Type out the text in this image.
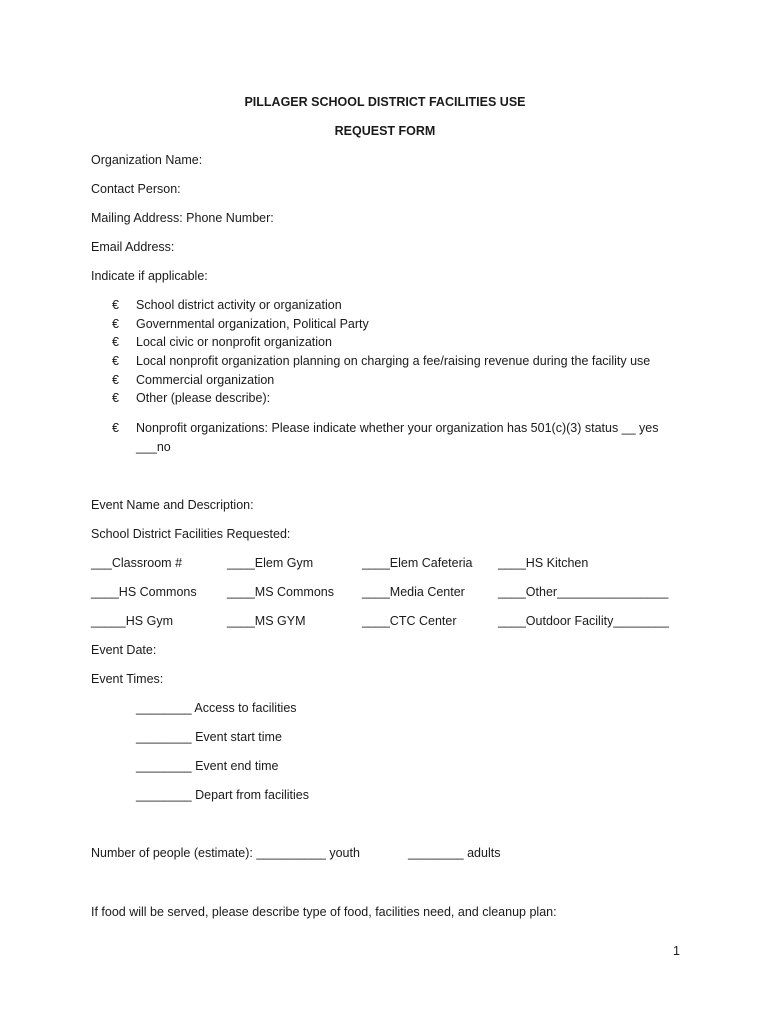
PILLAGER SCHOOL DISTRICT FACILITIES USE
REQUEST FORM
Organization Name:
Contact Person:
Mailing Address: Phone Number:
Email Address:
Indicate if applicable:
€ School district activity or organization
€ Governmental organization, Political Party
€ Local civic or nonprofit organization
€ Local nonprofit organization planning on charging a fee/raising revenue during the facility use
€ Commercial organization
€ Other (please describe):
€ Nonprofit organizations: Please indicate whether your organization has 501(c)(3) status __ yes
___no
Event Name and Description:
School District Facilities Requested:
___Classroom #	____Elem Gym	____Elem Cafeteria ____HS Kitchen
____HS Commons ____MS Commons ____Media Center	____Other________________
_____HS Gym	____MS GYM	____CTC Center	____Outdoor Facility________
Event Date:
Event Times:
________ Access to facilities
________ Event start time
________ Event end time
________ Depart from facilities
Number of people (estimate): __________ youth	________ adults
If food will be served, please describe type of food, facilities need, and cleanup plan:
1
